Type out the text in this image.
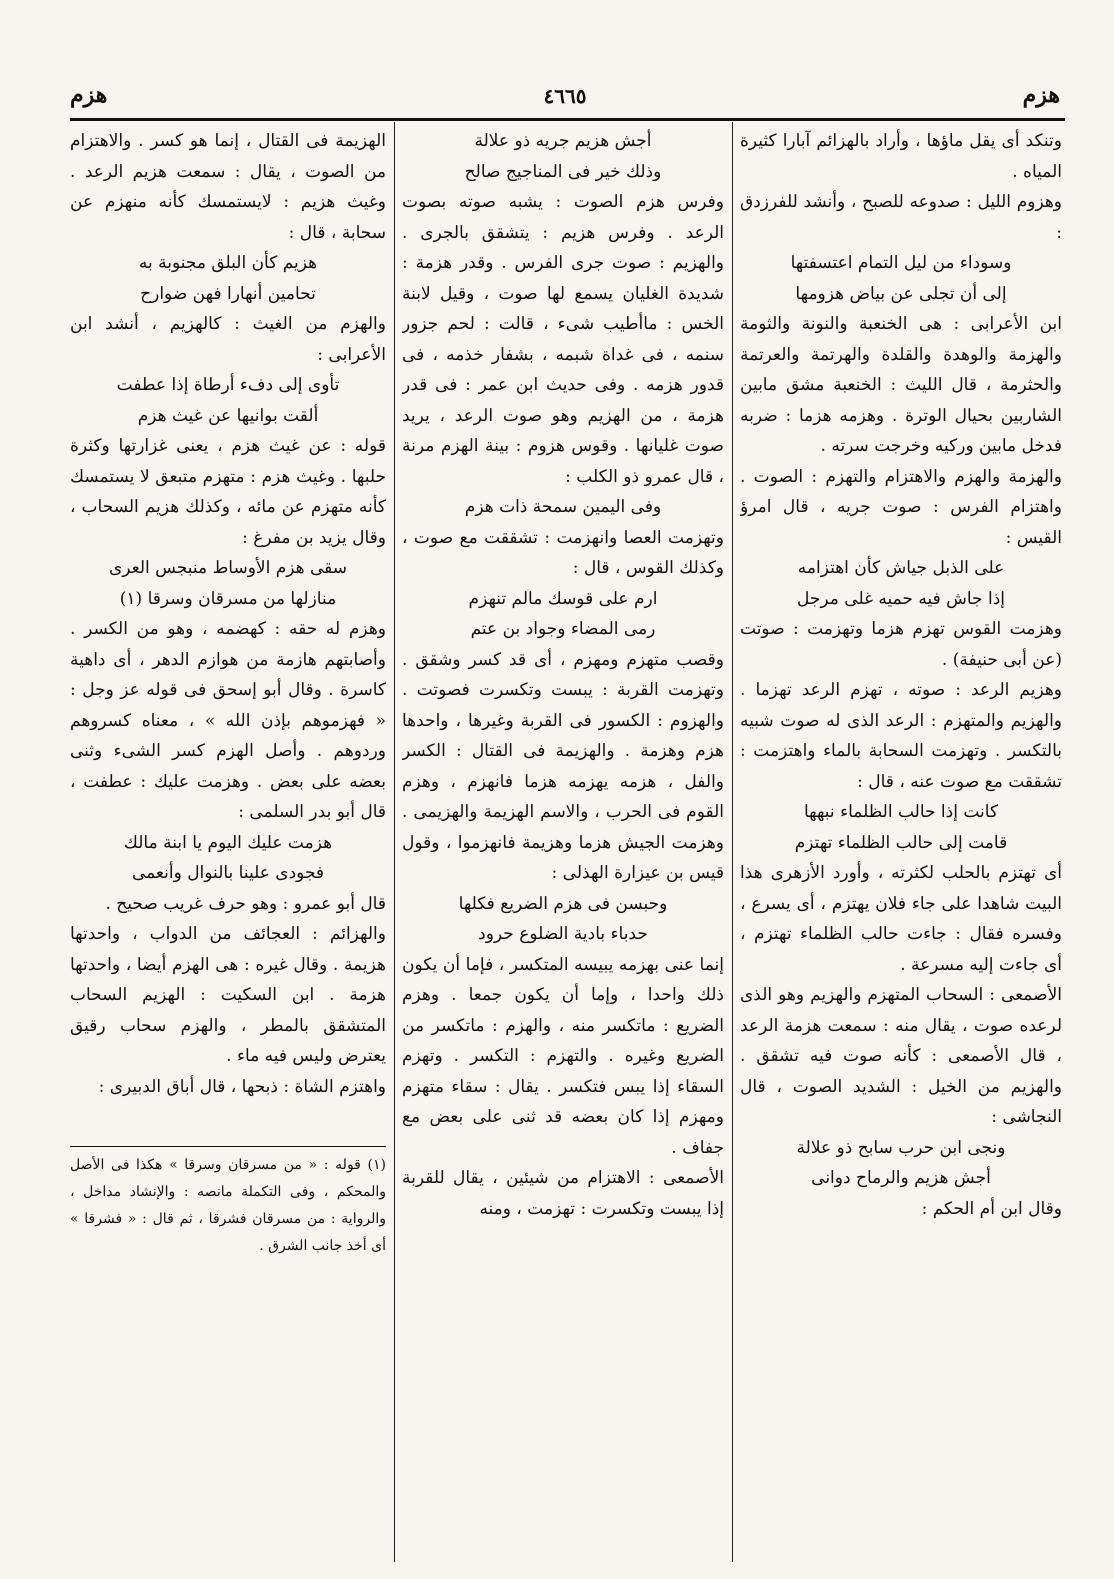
هزم
٤٦٦٥
هزم

وتنكد أى يقل ماؤها ، وأراد بالهزائم آبارا كثيرة المياه .

وهزوم الليل : صدوعه للصبح ، وأنشد للفرزدق :

وسوداء من ليل التمام اعتسفتها

إلى أن تجلى عن بياض هزومها

ابن الأعرابى : هى الخنعبة والنونة والثومة والهزمة والوهدة والقلدة والهرتمة والعرتمة والحثرمة ، قال الليث : الخنعبة مشق مابين الشاربين بحيال الوترة . وهزمه هزما : ضربه فدخل مابين وركيه وخرجت سرته .

والهزمة والهزم والاهتزام والتهزم : الصوت . واهتزام الفرس : صوت جريه ، قال امرؤ القيس :

على الذبل جياش كأن اهتزامه

إذا جاش فيه حميه غلى مرجل

وهزمت القوس تهزم هزما وتهزمت : صوتت (عن أبى حنيفة) .

وهزيم الرعد : صوته ، تهزم الرعد تهزما . والهزيم والمتهزم : الرعد الذى له صوت شبيه بالتكسر . وتهزمت السحابة بالماء واهتزمت : تشققت مع صوت عنه ، قال :

كانت إذا حالب الظلماء نبهها

قامت إلى حالب الظلماء تهتزم

أى تهتزم بالحلب لكثرته ، وأورد الأزهرى هذا البيت شاهدا على جاء فلان يهتزم ، أى يسرع ، وفسره فقال : جاءت حالب الظلماء تهتزم ، أى جاءت إليه مسرعة .

الأصمعى : السحاب المتهزم والهزيم وهو الذى لرعده صوت ، يقال منه : سمعت هزمة الرعد ، قال الأصمعى : كأنه صوت فيه تشقق . والهزيم من الخيل : الشديد الصوت ، قال النجاشى :

ونجى ابن حرب سابح ذو علالة

أجش هزيم والرماح دوانى

وقال ابن أم الحكم :

أجش هزيم جريه ذو علالة

وذلك خير فى المناجيج صالح

وفرس هزم الصوت : يشبه صوته بصوت الرعد . وفرس هزيم : يتشقق بالجرى . والهزيم : صوت جرى الفرس . وقدر هزمة : شديدة الغليان يسمع لها صوت ، وقيل لابنة الخس : ماأطيب شىء ، قالت : لحم جزور سنمه ، فى غداة شبمه ، بشفار خذمه ، فى قدور هزمه . وفى حديث ابن عمر : فى قدر هزمة ، من الهزيم وهو صوت الرعد ، يريد صوت غليانها . وقوس هزوم : بينة الهزم مرنة ، قال عمرو ذو الكلب :

وفى اليمين سمحة ذات هزم

وتهزمت العصا وانهزمت : تشققت مع صوت ، وكذلك القوس ، قال :

ارم على قوسك مالم تنهزم

رمى المضاء وجواد بن عتم

وقصب متهزم ومهزم ، أى قد كسر وشقق . وتهزمت القربة : يبست وتكسرت فصوتت . والهزوم : الكسور فى القربة وغيرها ، واحدها هزم وهزمة . والهزيمة فى القتال : الكسر والفل ، هزمه يهزمه هزما فانهزم ، وهزم القوم فى الحرب ، والاسم الهزيمة والهزيمى . وهزمت الجيش هزما وهزيمة فانهزموا ، وقول قيس بن عيزارة الهذلى :

وحبسن فى هزم الضريع فكلها

حدباء بادية الضلوع حرود

إنما عنى بهزمه يبيسه المتكسر ، فإما أن يكون ذلك واحدا ، وإما أن يكون جمعا . وهزم الضريع : ماتكسر منه ، والهزم : ماتكسر من الضريع وغيره . والتهزم : التكسر . وتهزم السقاء إذا يبس فتكسر . يقال : سقاء متهزم ومهزم إذا كان بعضه قد ثنى على بعض مع جفاف .

الأصمعى : الاهتزام من شيئين ، يقال للقربة إذا يبست وتكسرت : تهزمت ، ومنه

الهزيمة فى القتال ، إنما هو كسر . والاهتزام من الصوت ، يقال : سمعت هزيم الرعد . وغيث هزيم : لايستمسك كأنه منهزم عن سحابة ، قال :

هزيم كأن البلق مجنوبة به

تحامين أنهارا فهن ضوارح

والهزم من الغيث : كالهزيم ، أنشد ابن الأعرابى :

تأوى إلى دفء أرطاة إذا عطفت

ألقت بوانيها عن غيث هزم

قوله : عن غيث هزم ، يعنى غزارتها وكثرة حلبها . وغيث هزم : متهزم متبعق لا يستمسك كأنه متهزم عن مائه ، وكذلك هزيم السحاب ، وقال يزيد بن مفرغ :

سقى هزم الأوساط منبجس العرى

منازلها من مسرقان وسرقا (١)

وهزم له حقه : كهضمه ، وهو من الكسر . وأصابتهم هازمة من هوازم الدهر ، أى داهية كاسرة . وقال أبو إسحق فى قوله عز وجل : « فهزموهم بإذن الله » ، معناه كسروهم وردوهم . وأصل الهزم كسر الشىء وثنى بعضه على بعض . وهزمت عليك : عطفت ، قال أبو بدر السلمى :

هزمت عليك اليوم يا ابنة مالك

فجودى علينا بالنوال وأنعمى

قال أبو عمرو : وهو حرف غريب صحيح .

والهزائم : العجائف من الدواب ، واحدتها هزيمة . وقال غيره : هى الهزم أيضا ، واحدتها هزمة . ابن السكيت : الهزيم السحاب المتشقق بالمطر ، والهزم سحاب رقيق يعترض وليس فيه ماء .

واهتزم الشاة : ذبحها ، قال أباق الدبيرى :

(١) قوله : « من مسرقان وسرقا » هكذا فى الأصل والمحكم ، وفى التكملة مانصه : والإنشاد مداخل ، والرواية : من مسرقان فشرقا ، ثم قال : « فشرقا » أى أخذ جانب الشرق .
